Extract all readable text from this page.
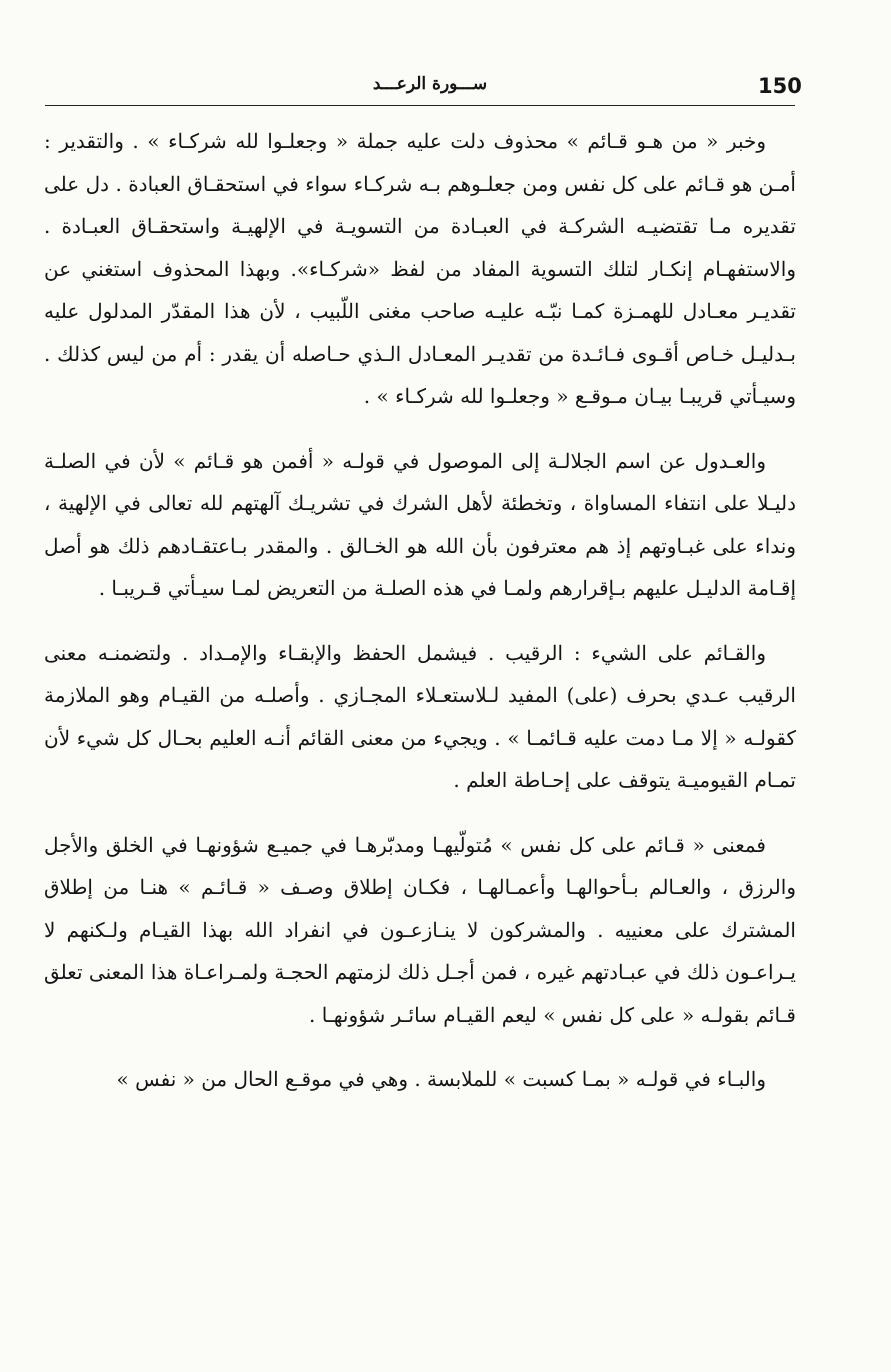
150
ســـورة الرعـــد

وخبر « من هـو قـائم » محذوف دلت عليه جملة « وجعلـوا لله شركـاء » . والتقدير : أمـن هو قـائم على كل نفس ومن جعلـوهم بـه شركـاء سواء في استحقـاق العبادة . دل على تقديره مـا تقتضيـه الشركـة في العبـادة من التسويـة في الإلهيـة واستحقـاق العبـادة . والاستفهـام إنكـار لتلك التسوية المفاد من لفظ «شركـاء». وبهذا المحذوف استغني عن تقديـر معـادل للهمـزة كمـا نبّـه عليـه صاحب مغنى اللّبيب ، لأن هذا المقدّر المدلول عليه بـدليـل خـاص أقـوى فـائـدة من تقديـر المعـادل الـذي حـاصله أن يقدر : أم من ليس كذلك . وسيـأتي قريبـا بيـان مـوقـع « وجعلـوا لله شركـاء » .

والعـدول عن اسم الجلالـة إلى الموصول في قولـه « أفمن هو قـائم » لأن في الصلـة دليـلا على انتفاء المساواة ، وتخطئة لأهل الشرك في تشريـك آلهتهم لله تعالى في الإلهية ، ونداء على غبـاوتهم إذ هم معترفون بأن الله هو الخـالق . والمقدر بـاعتقـادهم ذلك هو أصل إقـامة الدليـل عليهم بـإقرارهم ولمـا في هذه الصلـة من التعريض لمـا سيـأتي قـريبـا .

والقـائم على الشيء : الرقيب . فيشمل الحفظ والإبقـاء والإمـداد . ولتضمنـه معنى الرقيب عـدي بحرف (على) المفيد لـلاستعـلاء المجـازي . وأصلـه من القيـام وهو الملازمة كقولـه « إلا مـا دمت عليه قـائمـا » . ويجيء من معنى القائم أنـه العليم بحـال كل شيء لأن تمـام القيوميـة يتوقف على إحـاطة العلم .

فمعنى « قـائم على كل نفس » مُتولّيهـا ومدبّرهـا في جميـع شؤونهـا في الخلق والأجل والرزق ، والعـالم بـأحوالهـا وأعمـالهـا ، فكـان إطلاق وصـف « قـائـم » هنـا من إطلاق المشترك على معنييه . والمشركون لا ينـازعـون في انفراد الله بهذا القيـام ولـكنهم لا يـراعـون ذلك في عبـادتهم غيره ، فمن أجـل ذلك لزمتهم الحجـة ولمـراعـاة هذا المعنى تعلق قـائم بقولـه « على كل نفس » ليعم القيـام سائـر شؤونهـا .

والبـاء في قولـه « بمـا كسبت » للملابسة . وهي في موقـع الحال من « نفس »
